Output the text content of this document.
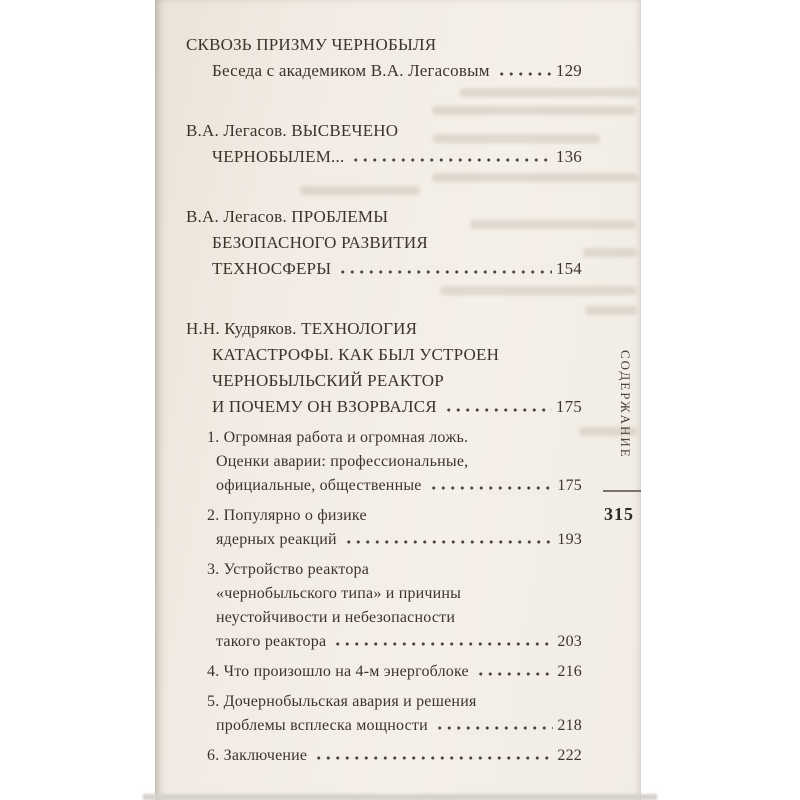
СКВОЗЬ ПРИЗМУ ЧЕРНОБЫЛЯ
Беседа с академиком В.А. Легасовым	129
В.А. Легасов. ВЫСВЕЧЕНО
ЧЕРНОБЫЛЕМ...	136
В.А. Легасов. ПРОБЛЕМЫ
БЕЗОПАСНОГО РАЗВИТИЯ
ТЕХНОСФЕРЫ	154
Н.Н. Кудряков. ТЕХНОЛОГИЯ
КАТАСТРОФЫ. КАК БЫЛ УСТРОЕН
ЧЕРНОБЫЛЬСКИЙ РЕАКТОР
И ПОЧЕМУ ОН ВЗОРВАЛСЯ	175
1. Огромная работа и огромная ложь.
Оценки аварии: профессиональные,
официальные, общественные	175
2. Популярно о физике
ядерных реакций	193
3. Устройство реактора
«чернобыльского типа» и причины
неустойчивости и небезопасности
такого реактора	203
4. Что произошло на 4-м энергоблоке	216
5. Дочернобыльская авария и решения
проблемы всплеска мощности	218
6. Заключение	222
СОДЕРЖАНИЕ
315
